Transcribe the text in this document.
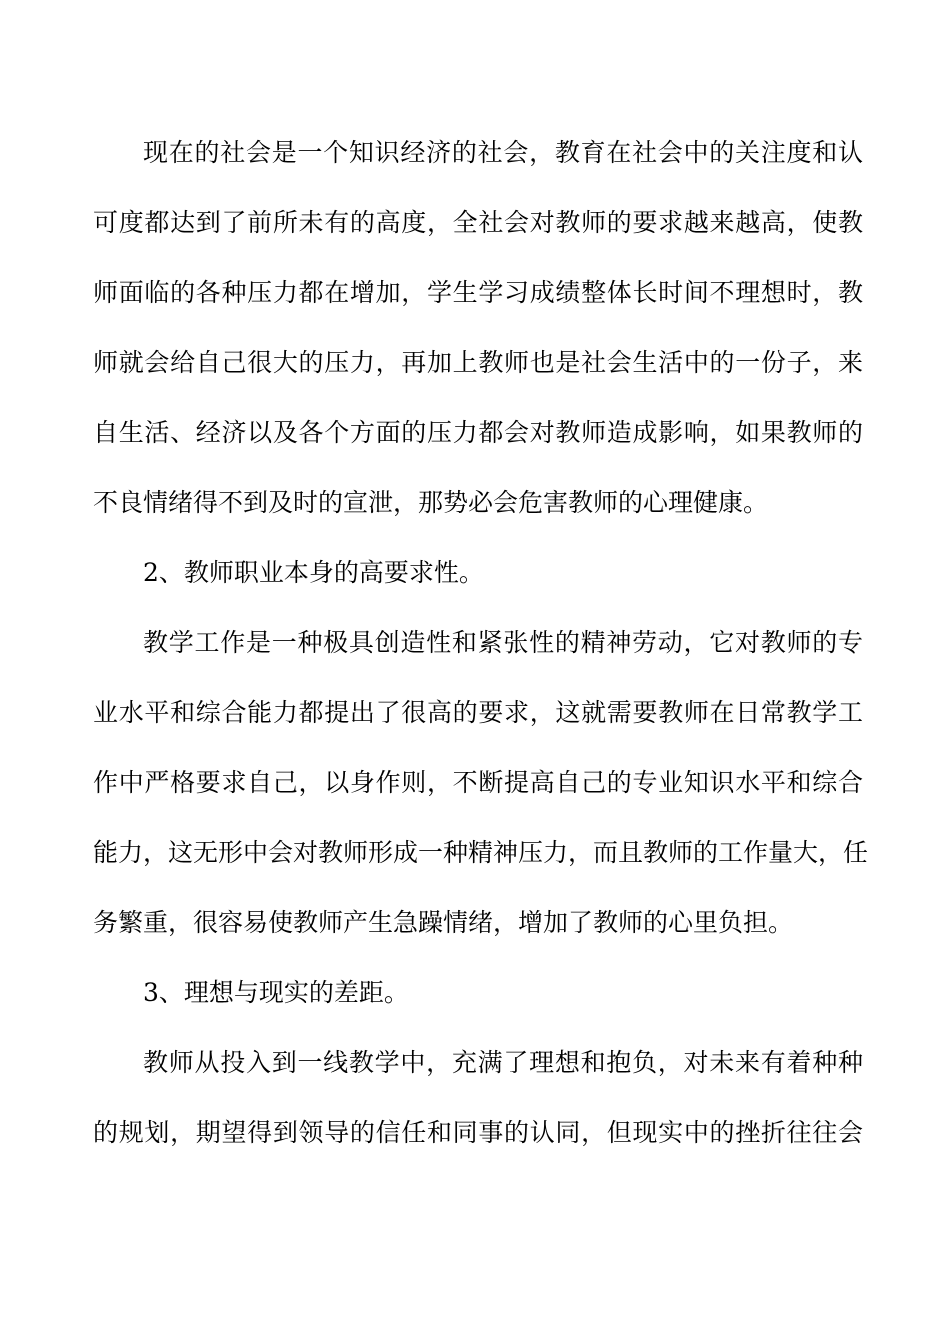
现在的社会是一个知识经济的社会，教育在社会中的关注度和认
可度都达到了前所未有的高度，全社会对教师的要求越来越高，使教
师面临的各种压力都在增加，学生学习成绩整体长时间不理想时，教
师就会给自己很大的压力，再加上教师也是社会生活中的一份子，来
自生活、经济以及各个方面的压力都会对教师造成影响，如果教师的
不良情绪得不到及时的宣泄，那势必会危害教师的心理健康。
2、教师职业本身的高要求性。
教学工作是一种极具创造性和紧张性的精神劳动，它对教师的专
业水平和综合能力都提出了很高的要求，这就需要教师在日常教学工
作中严格要求自己，以身作则，不断提高自己的专业知识水平和综合
能力，这无形中会对教师形成一种精神压力，而且教师的工作量大，任
务繁重，很容易使教师产生急躁情绪，增加了教师的心里负担。
3、理想与现实的差距。
教师从投入到一线教学中，充满了理想和抱负，对未来有着种种
的规划，期望得到领导的信任和同事的认同，但现实中的挫折往往会
